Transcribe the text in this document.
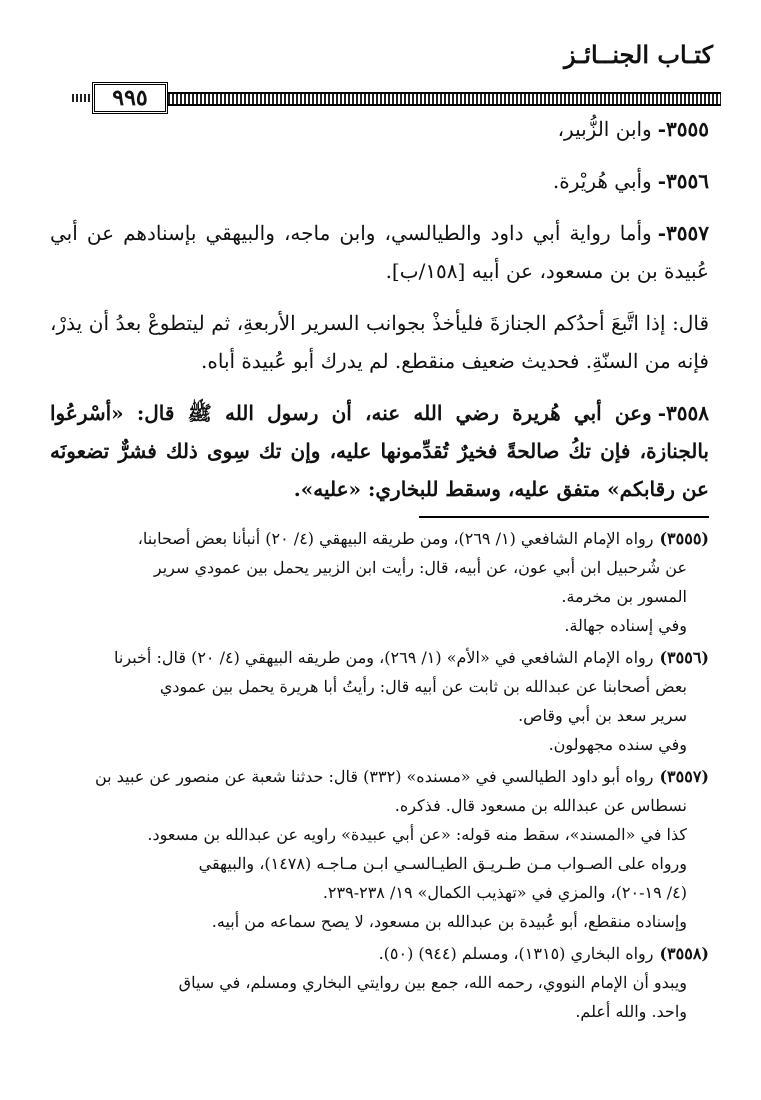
كتـاب الجنــائـز
٩٩٥

٣٥٥٥-وابن الزُّبير،

٣٥٥٦-وأبي هُريْرة.

٣٥٥٧-وأما رواية أبي داود والطيالسي، وابن ماجه، والبيهقي بإسنادهم عن أبي عُبيدة بن بن مسعود، عن أبيه [١٥٨/ب].

قال: إذا اتَّبعَ أحدُكم الجنازةَ فليأخذْ بجوانب السرير الأربعةِ، ثم ليتطوعْ بعدُ أن يذرْ، فإنه من السنّةِ. فحديث ضعيف منقطع. لم يدرك أبو عُبيدة أباه.

٣٥٥٨-وعن أبي هُريرة رضي الله عنه، أن رسول الله ﷺ قال: «أسْرعُوا بالجنازة، فإن تكُ صالحةً فخيرٌ تُقدِّمونها عليه، وإن تك سِوى ذلك فشرٌّ تضعونَه عن رقابكم» متفق عليه، وسقط للبخاري: «عليه».

(٣٥٥٥)رواه الإمام الشافعي (١/ ٢٦٩)، ومن طريقه البيهقي (٤/ ٢٠) أنبأنا بعض أصحابنا،
عن شُرحبيل ابن أبي عون، عن أبيه، قال: رأيت ابن الزبير يحمل بين عمودي سرير
المسور بن مخرمة.
وفي إسناده جهالة.
(٣٥٥٦)رواه الإمام الشافعي في «الأم» (١/ ٢٦٩)، ومن طريقه البيهقي (٤/ ٢٠) قال: أخبرنا
بعض أصحابنا عن عبدالله بن ثابت عن أبيه قال: رأيتُ أبا هريرة يحمل بين عمودي
سرير سعد بن أبي وقاص.
وفي سنده مجهولون.
(٣٥٥٧)رواه أبو داود الطيالسي في «مسنده» (٣٣٢) قال: حدثنا شعبة عن منصور عن عبيد بن
نسطاس عن عبدالله بن مسعود قال. فذكره.
كذا في «المسند»، سقط منه قوله: «عن أبي عبيدة» راويه عن عبدالله بن مسعود.
ورواه على الصـواب مـن طـريـق الطيـالسـي ابـن مـاجـه (١٤٧٨)، والبيهقي
(٤/ ١٩-٢٠)، والمزي في «تهذيب الكمال» ١٩/ ٢٣٨-٢٣٩.
وإسناده منقطع، أبو عُبيدة بن عبدالله بن مسعود، لا يصح سماعه من أبيه.
(٣٥٥٨)رواه البخاري (١٣١٥)، ومسلم (٩٤٤) (٥٠).
ويبدو أن الإمام النووي، رحمه الله، جمع بين روايتي البخاري ومسلم، في سياق
واحد. والله أعلم.
